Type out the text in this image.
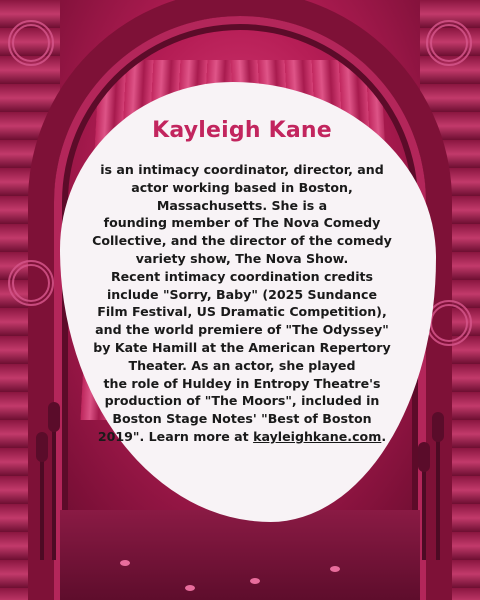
Kayleigh Kane

is an intimacy coordinator, director, and
actor working based in Boston,
Massachusetts. She is a
founding member of The Nova Comedy
Collective, and the director of the comedy
variety show, The Nova Show.
Recent intimacy coordination credits
include "Sorry, Baby" (2025 Sundance
Film Festival, US Dramatic Competition),
and the world premiere of "The Odyssey"
by Kate Hamill at the American Repertory
Theater. As an actor, she played
the role of Huldey in Entropy Theatre's
production of "The Moors", included in
Boston Stage Notes' "Best of Boston
2019". Learn more at kayleighkane.com.
